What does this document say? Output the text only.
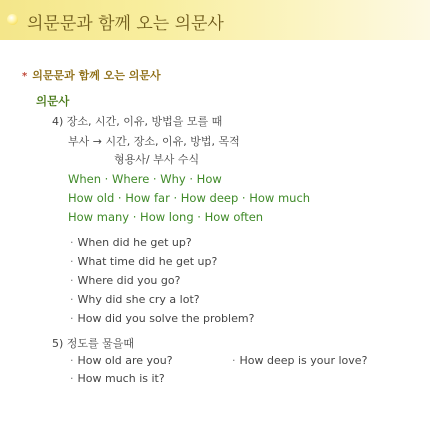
의문문과 함께 오는 의문사
* 의문문과 함께 오는 의문사
의문사
4) 장소, 시간, 이유, 방법을 모를 때
부사 → 시간, 장소, 이유, 방법, 목적
형용사/ 부사 수식
When · Where · Why · How
How old · How far · How deep · How much
How many · How long · How often
· When did he get up?
· What time did he get up?
· Where did you go?
· Why did she cry a lot?
· How did you solve the problem?
5) 정도를 물을때
· How old are you?	· How deep is your love?
· How much is it?
